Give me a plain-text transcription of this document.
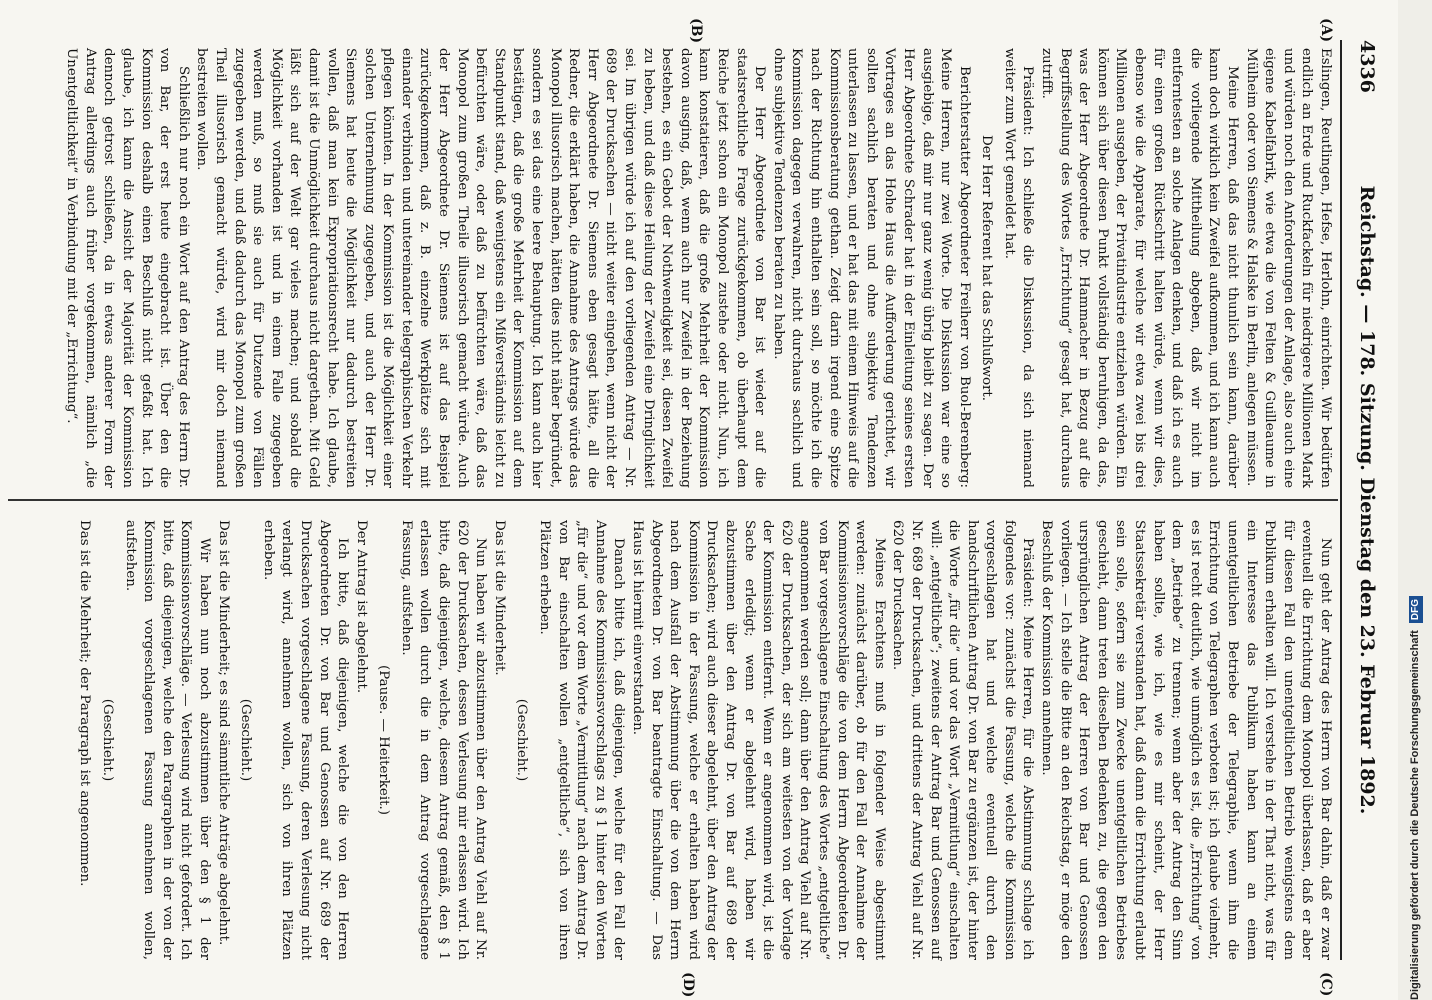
4336
Reichstag. — 178. Sitzung. Dienstag den 23. Februar 1892.
(A)
(B)
(C)
(D)

Eslingen, Reutlingen, Hefse, Herlohn, einrichten. Wir bedürfen endlich an Erde und Ruckfackeln für niedrigere Millionen Mark und würden noch den Anforderungen der Anlage, also auch eine eigene Kabelfabrik, wie etwa die von Felten & Guilleaume in Mülheim oder von Siemens & Halske in Berlin, anlegen müssen.

Meine Herren, daß das nicht thunlich sein kann, darüber kann doch wirklich kein Zweifel aufkommen, und ich kann auch die vorliegende Mittheilung abgeben, daß wir nicht im entferntesten an solche Anlagen denken, und daß ich es auch für einen großen Rückschritt halten würde, wenn wir dies, ebenso wie die Apparate, für welche wir etwa zwei bis drei Millionen ausgeben, der Privatindustrie entziehen würden. Ein können sich über diesen Punkt vollständig beruhigen, da das, was der Herr Abgeordnete Dr. Hammacher in Bezug auf die Begriffsstellung des Wortes „Errichtung“ gesagt hat, durchaus zutrifft.

Präsident: Ich schließe die Diskussion, da sich niemand weiter zum Wort gemeldet hat.

Der Herr Referent hat das Schlußwort.

Berichterstatter Abgeordneter Freiherr von Buol-Berenberg: Meine Herren, nur zwei Worte. Die Diskussion war eine so ausgiebige, daß mir nur ganz wenig übrig bleibt zu sagen. Der Herr Abgeordnete Schrader hat in der Einleitung seines ersten Vortrages an das Hohe Haus die Aufforderung gerichtet, wir sollten sachlich beraten und ohne subjektive Tendenzen unterlassen zu lassen, und er hat das mit einem Hinweis auf die Kommissionsberatung gethan. Zeigt darin irgend eine Spitze nach der Richtung hin enthalten sein soll, so möchte ich die Kommission dagegen verwahren, nicht durchaus sachlich und ohne subjektive Tendenzen beraten zu haben.

Der Herr Abgeordnete von Bar ist wieder auf die staatsrechtliche Frage zurückgekommen, ob überhaupt dem Reiche jetzt schon ein Monopol zustehe oder nicht. Nun, ich kann konstatieren, daß die große Mehrheit der Kommission davon ausging, daß, wenn auch nur Zweifel in der Beziehung bestehen, es ein Gebot der Nothwendigkeit sei, diesen Zweifel zu heben, und daß diese Heilung der Zweifel eine Dringlichkeit sei. Im übrigen würde ich auf den vorliegenden Antrag — Nr. 689 der Drucksachen — nicht weiter eingehen, wenn nicht der Herr Abgeordnete Dr. Siemens eben gesagt hätte, all die Redner, die erklärt haben, die Annahme des Antrags würde das Monopol illusorisch machen, hätten dies nicht näher begründet, sondern es sei das eine leere Behauptung. Ich kann auch hier bestätigen, daß die große Mehrheit der Kommission auf dem Standpunkt stand, daß wenigstens ein Mißverständnis leicht zu befürchten wäre, oder daß zu befürchten wäre, daß das Monopol zum großen Theile illusorisch gemacht würde. Auch der Herr Abgeordnete Dr. Siemens ist auf das Beispiel zurückgekommen, daß z. B. einzelne Werkplätze sich mit einander verbinden und untereinander telegraphischen Verkehr pflegen könnten. In der Kommission ist die Möglichkeit einer solchen Unternehmung zugegeben, und auch der Herr Dr. Siemens hat heute die Möglichkeit nur dadurch bestreiten wollen, daß man kein Expropriationsrecht habe. Ich glaube, damit ist die Unmöglichkeit durchaus nicht dargethan. Mit Geld läßt sich auf der Welt gar vieles machen; und sobald die Möglichkeit vorhanden ist und in einem Falle zugegeben werden muß, so muß sie auch für Dutzende von Fällen zugegeben werden, und daß dadurch das Monopol zum großen Theil illusorisch gemacht würde, wird mir doch niemand bestreiten wollen.

Schließlich nur noch ein Wort auf den Antrag des Herrn Dr. von Bar, der erst heute eingebracht ist. Über den die Kommission deshalb einen Beschluß nicht gefaßt hat. Ich glaube, ich kann die Ansicht der Majorität der Kommission dennoch getrost schließen, da in etwas anderer Form der Antrag allerdings auch früher vorgekommen, nämlich „die Unentgeltlichkeit“ in Verbindung mit der „Errichtung“.

Nun geht der Antrag des Herrn von Bar dahin, daß er zwar eventuell die Errichtung dem Monopol überlassen, daß er aber für diesen Fall den unentgeltlichen Betrieb wenigstens dem Publikum erhalten will. Ich verstehe in der That nicht, was für ein Interesse das Publikum haben kann an einem unentgeltlichen Betriebe der Telegraphie, wenn ihm die Errichtung von Telegraphen verboten ist; ich glaube vielmehr, es ist recht deutlich, wie unmöglich es ist, die „Errichtung“ von dem „Betriebe“ zu trennen; wenn aber der Antrag den Sinn haben sollte, wie ich, wie es mir scheint, der Herr Staatssekretär verstanden hat, daß dann die Errichtung erlaubt sein solle, sofern sie zum Zwecke unentgeltlichen Betriebes geschieht, dann treten dieselben Bedenken zu, die gegen den ursprünglichen Antrag der Herren von Bar und Genossen vorliegen. — Ich stelle die Bitte an den Reichstag, er möge den Beschluß der Kommission annehmen.

Präsident: Meine Herren, für die Abstimmung schlage ich folgendes vor: zunächst die Fassung, welche die Kommission vorgeschlagen hat und welche eventuell durch den handschriftlichen Antrag Dr. von Bar zu ergänzen ist, der hinter die Worte „für die“ und vor das Wort „Vermittlung“ einschalten will: „entgeltliche“; zweitens der Antrag Bar und Genossen auf Nr. 689 der Drucksachen, und drittens der Antrag Viehl auf Nr. 620 der Drucksachen.

Meines Erachtens muß in folgender Weise abgestimmt werden: zunächst darüber, ob für den Fall der Annahme der Kommissionsvorschläge die von dem Herrn Abgeordneten Dr. von Bar vorgeschlagene Einschaltung des Wortes „entgeltliche“ angenommen werden soll; dann über den Antrag Viehl auf Nr. 620 der Drucksachen, der sich am weitesten von der Vorlage der Kommission entfernt. Wenn er angenommen wird, ist die Sache erledigt; wenn er abgelehnt wird, haben wir abzustimmen über den Antrag Dr. von Bar auf 689 der Drucksachen; wird auch dieser abgelehnt, über den Antrag der Kommission in der Fassung, welche er erhalten haben wird nach dem Ausfall der Abstimmung über die von dem Herrn Abgeordneten Dr. von Bar beantragte Einschaltung. — Das Haus ist hiermit einverstanden.

Danach bitte ich, daß diejenigen, welche für den Fall der Annahme des Kommissionsvorschlags zu § 1 hinter den Worten „für die“ und vor dem Worte „Vermittlung“ nach dem Antrag Dr. von Bar einschalten wollen „entgeltliche“, sich von ihren Plätzen erheben.

(Geschieht.)

Das ist die Minderheit.

Nun haben wir abzustimmen über den Antrag Viehl auf Nr. 620 der Drucksachen, dessen Verlesung mir erlassen wird. Ich bitte, daß diejenigen, welche, diesem Antrag gemäß, den § 1 erlassen wollen durch die in dem Antrag vorgeschlagene Fassung, aufstehen.

(Pause. — Heiterkeit.)

Der Antrag ist abgelehnt.

Ich bitte, daß diejenigen, welche die von den Herren Abgeordneten Dr. von Bar und Genossen auf Nr. 689 der Drucksachen vorgeschlagene Fassung, deren Verlesung nicht verlangt wird, annehmen wollen, sich von ihren Plätzen erheben.

(Geschieht.)

Das ist die Minderheit; es sind sämmtliche Anträge abgelehnt.

Wir haben nun noch abzustimmen über den § 1 der Kommissionsvorschläge. — Verlesung wird nicht gefordert. Ich bitte, daß diejenigen, welche den Paragraphen in der von der Kommission vorgeschlagenen Fassung annehmen wollen, aufstehen.

(Geschieht.)

Das ist die Mehrheit; der Paragraph ist angenommen.	Digitalisierung gefördert durch die Deutsche Forschungsgemeinschaft DFG
